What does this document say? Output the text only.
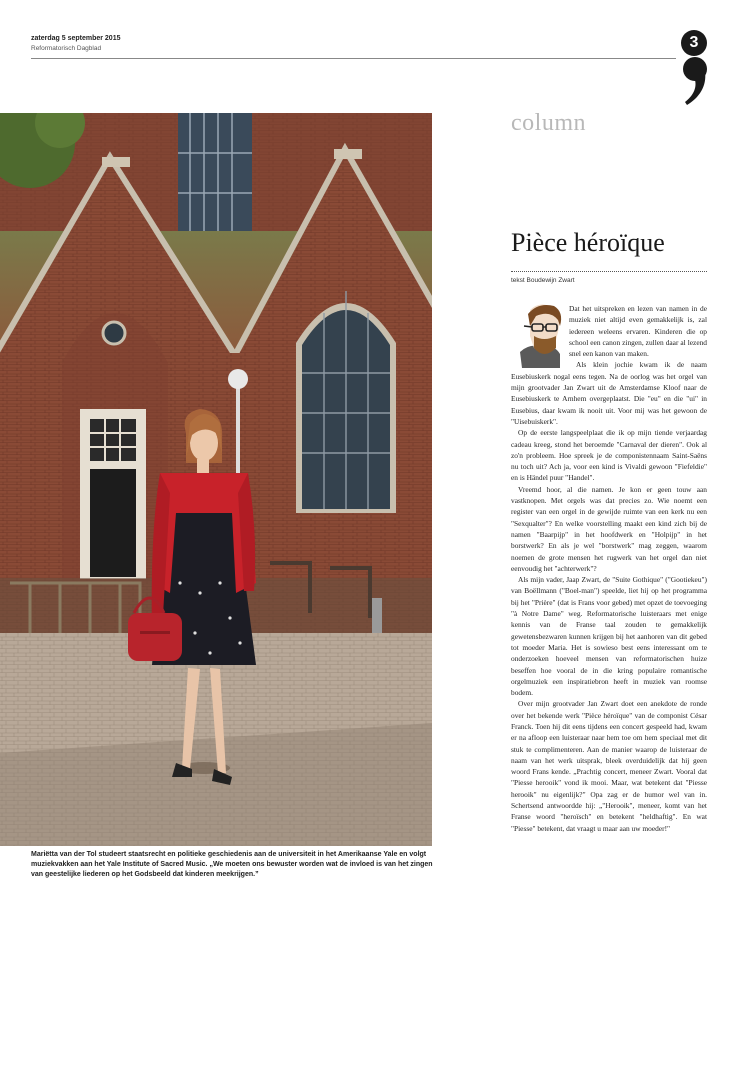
zaterdag 5 september 2015
Reformatorisch Dagblad	3
Mariëtta van der Tol studeert staatsrecht en politieke geschiedenis aan de universiteit in het Amerikaanse Yale en volgt muziekvakken aan het Yale Institute of Sacred Music. „We moeten ons bewuster worden wat de invloed is van het zingen van geestelijke liederen op het Godsbeeld dat kinderen meekrijgen.”
column
Pièce héroïque
tekst Boudewijn Zwart

Dat het uitspreken en lezen van namen in de muziek niet altijd even gemakkelijk is, zal iedereen weleens ervaren. Kinderen die op school een canon zingen, zullen daar al lezend snel een kanon van maken.

Als klein jochie kwam ik de naam Eusebiuskerk nogal eens tegen. Na de oorlog was het orgel van mijn grootvader Jan Zwart uit de Amsterdamse Kloof naar de Eusebiuskerk te Arnhem overgeplaatst. Die "eu" en die "ui" in Eusebius, daar kwam ik nooit uit. Voor mij was het gewoon de "Uisebuiskerk".

Op de eerste langspeelplaat die ik op mijn tiende verjaardag cadeau kreeg, stond het beroemde "Carnaval der dieren". Ook al zo'n probleem. Hoe spreek je de componistennaam Saint-Saëns nu toch uit? Ach ja, voor een kind is Vivaldi gewoon "Fiefeldie" en is Händel puur "Handel".

Vreemd hoor, al die namen. Je kon er geen touw aan vastknopen. Met orgels was dat precies zo. Wie noemt een register van een orgel in de gewijde ruimte van een kerk nu een "Sexqualter"? En welke voorstelling maakt een kind zich bij de namen "Baarpijp" in het hoofdwerk en "Holpijp" in het borstwerk? En als je wel "borstwerk" mag zeggen, waarom noemen de grote mensen het rugwerk van het orgel dan niet eenvoudig het "achterwerk"?

Als mijn vader, Jaap Zwart, de "Suite Gothique" ("Gootiekeu") van Boëllmann ("Boel-man") speelde, liet hij op het programma bij het "Prière" (dat is Frans voor gebed) met opzet de toevoeging "à Notre Dame" weg. Reformatorische luisteraars met enige kennis van de Franse taal zouden te gemakkelijk gewetensbezwaren kunnen krijgen bij het aanhoren van dit gebed tot moeder Maria. Het is sowieso best eens interessant om te onderzoeken hoeveel mensen van reformatorischen huize beseffen hoe vooral de in die kring populaire romantische orgelmuziek een inspiratiebron heeft in muziek van roomse bodem.

Over mijn grootvader Jan Zwart doet een anekdote de ronde over het bekende werk "Pièce héroïque" van de componist César Franck. Toen hij dit eens tijdens een concert gespeeld had, kwam er na afloop een luisteraar naar hem toe om hem speciaal met dit stuk te complimenteren. Aan de manier waarop de luisteraar de naam van het werk uitsprak, bleek overduidelijk dat hij geen woord Frans kende. „Prachtig concert, meneer Zwart. Vooral dat "Piesse herooik" vond ik mooi. Maar, wat betekent dat "Piesse herooik" nu eigenlijk?" Opa zag er de humor wel van in. Schertsend antwoordde hij: „"Herooik", meneer, komt van het Franse woord "heroïsch" en betekent "heldhaftig". En wat "Piesse" betekent, dat vraagt u maar aan uw moeder!"
